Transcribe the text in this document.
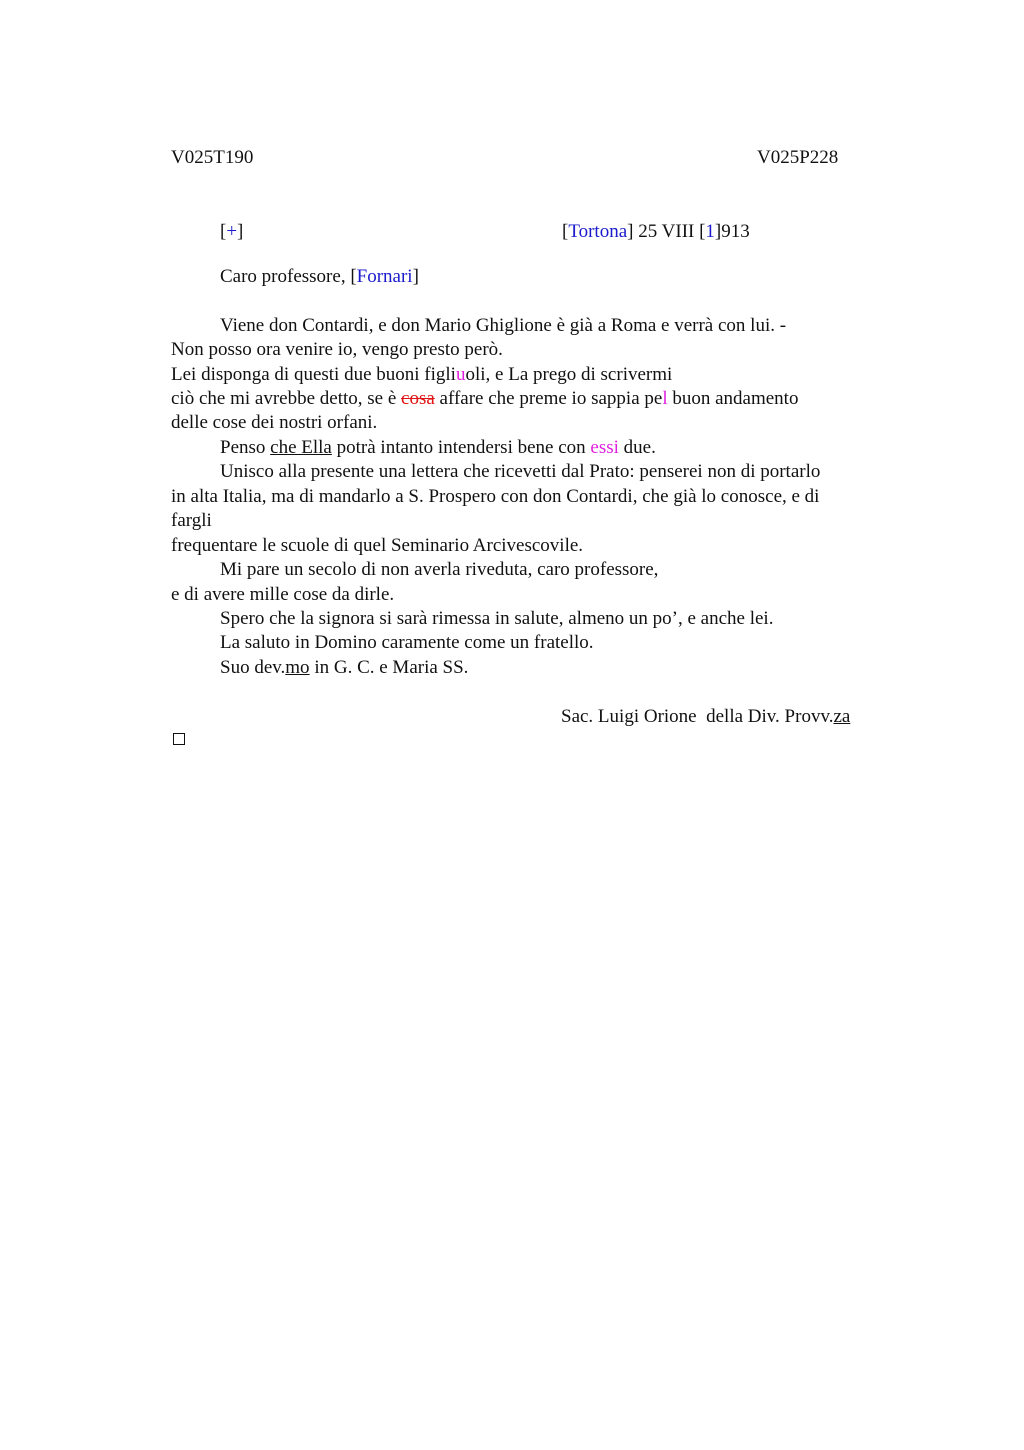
V025T190	V025P228
[+]	[Tortona] 25 VIII [1]913
Caro professore, [Fornari]
Viene don Contardi, e don Mario Ghiglione è già a Roma e verrà con lui. -
Non posso ora venire io, vengo presto però.
Lei disponga di questi due buoni figliuoli, e La prego di scrivermi
ciò che mi avrebbe detto, se è cosa affare che preme io sappia pel buon andamento
delle cose dei nostri orfani.
Penso che Ella potrà intanto intendersi bene con essi due.
Unisco alla presente una lettera che ricevetti dal Prato: penserei non di portarlo
in alta Italia, ma di mandarlo a S. Prospero con don Contardi, che già lo conosce, e di
fargli
frequentare le scuole di quel Seminario Arcivescovile.
Mi pare un secolo di non averla riveduta, caro professore,
e di avere mille cose da dirle.
Spero che la signora si sarà rimessa in salute, almeno un po’, e anche lei.
La saluto in Domino caramente come un fratello.
Suo dev.mo in G. C. e Maria SS.
Sac. Luigi Orione  della Div. Provv.za
